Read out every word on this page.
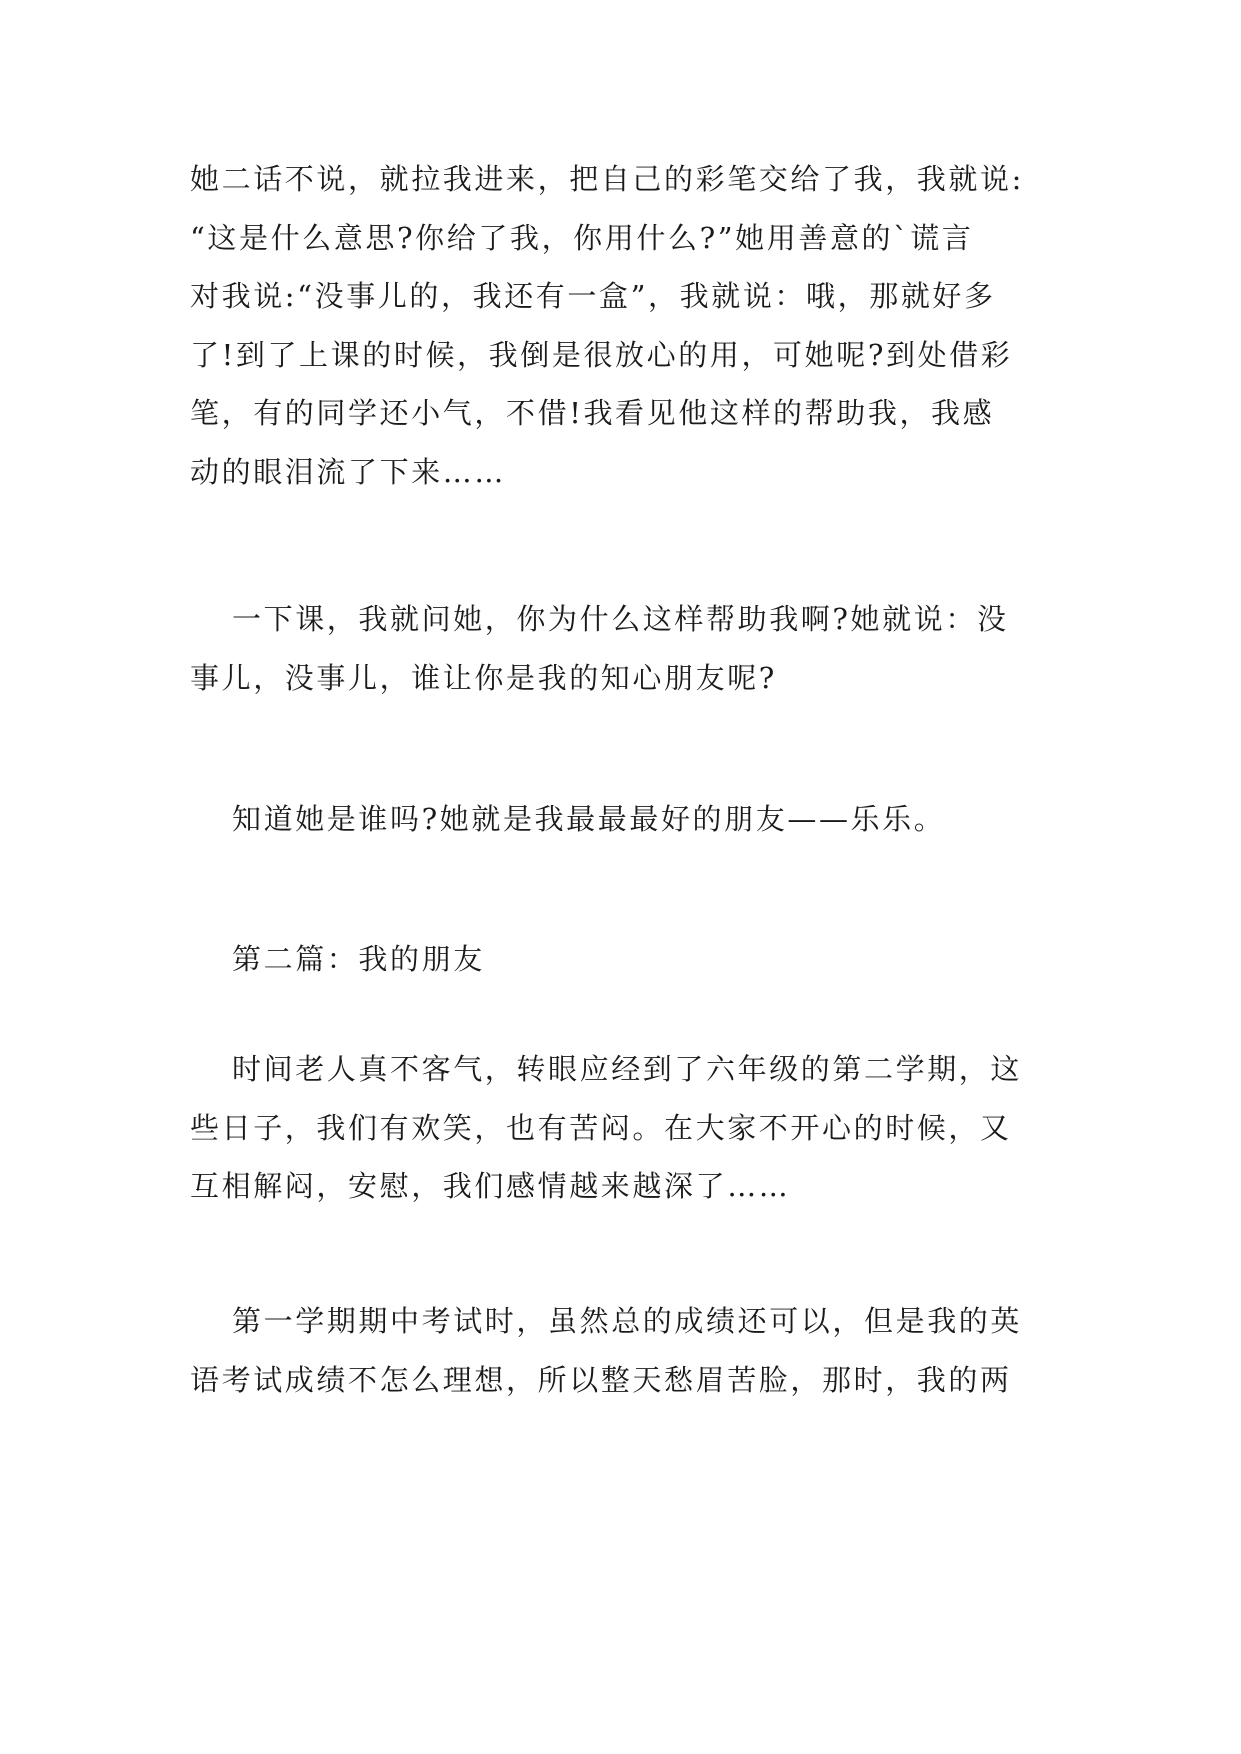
她二话不说，就拉我进来，把自己的彩笔交给了我，我就说:
“这是什么意思?你给了我，你用什么?”她用善意的`谎言
对我说:“没事儿的，我还有一盒”，我就说：哦，那就好多
了!到了上课的时候，我倒是很放心的用，可她呢?到处借彩
笔，有的同学还小气，不借!我看见他这样的帮助我，我感
动的眼泪流了下来……
一下课，我就问她，你为什么这样帮助我啊?她就说：没
事儿，没事儿，谁让你是我的知心朋友呢?
知道她是谁吗?她就是我最最最好的朋友——乐乐。
第二篇：我的朋友
时间老人真不客气，转眼应经到了六年级的第二学期，这
些日子，我们有欢笑，也有苦闷。在大家不开心的时候，又
互相解闷，安慰，我们感情越来越深了……
第一学期期中考试时，虽然总的成绩还可以，但是我的英
语考试成绩不怎么理想，所以整天愁眉苦脸，那时，我的两
